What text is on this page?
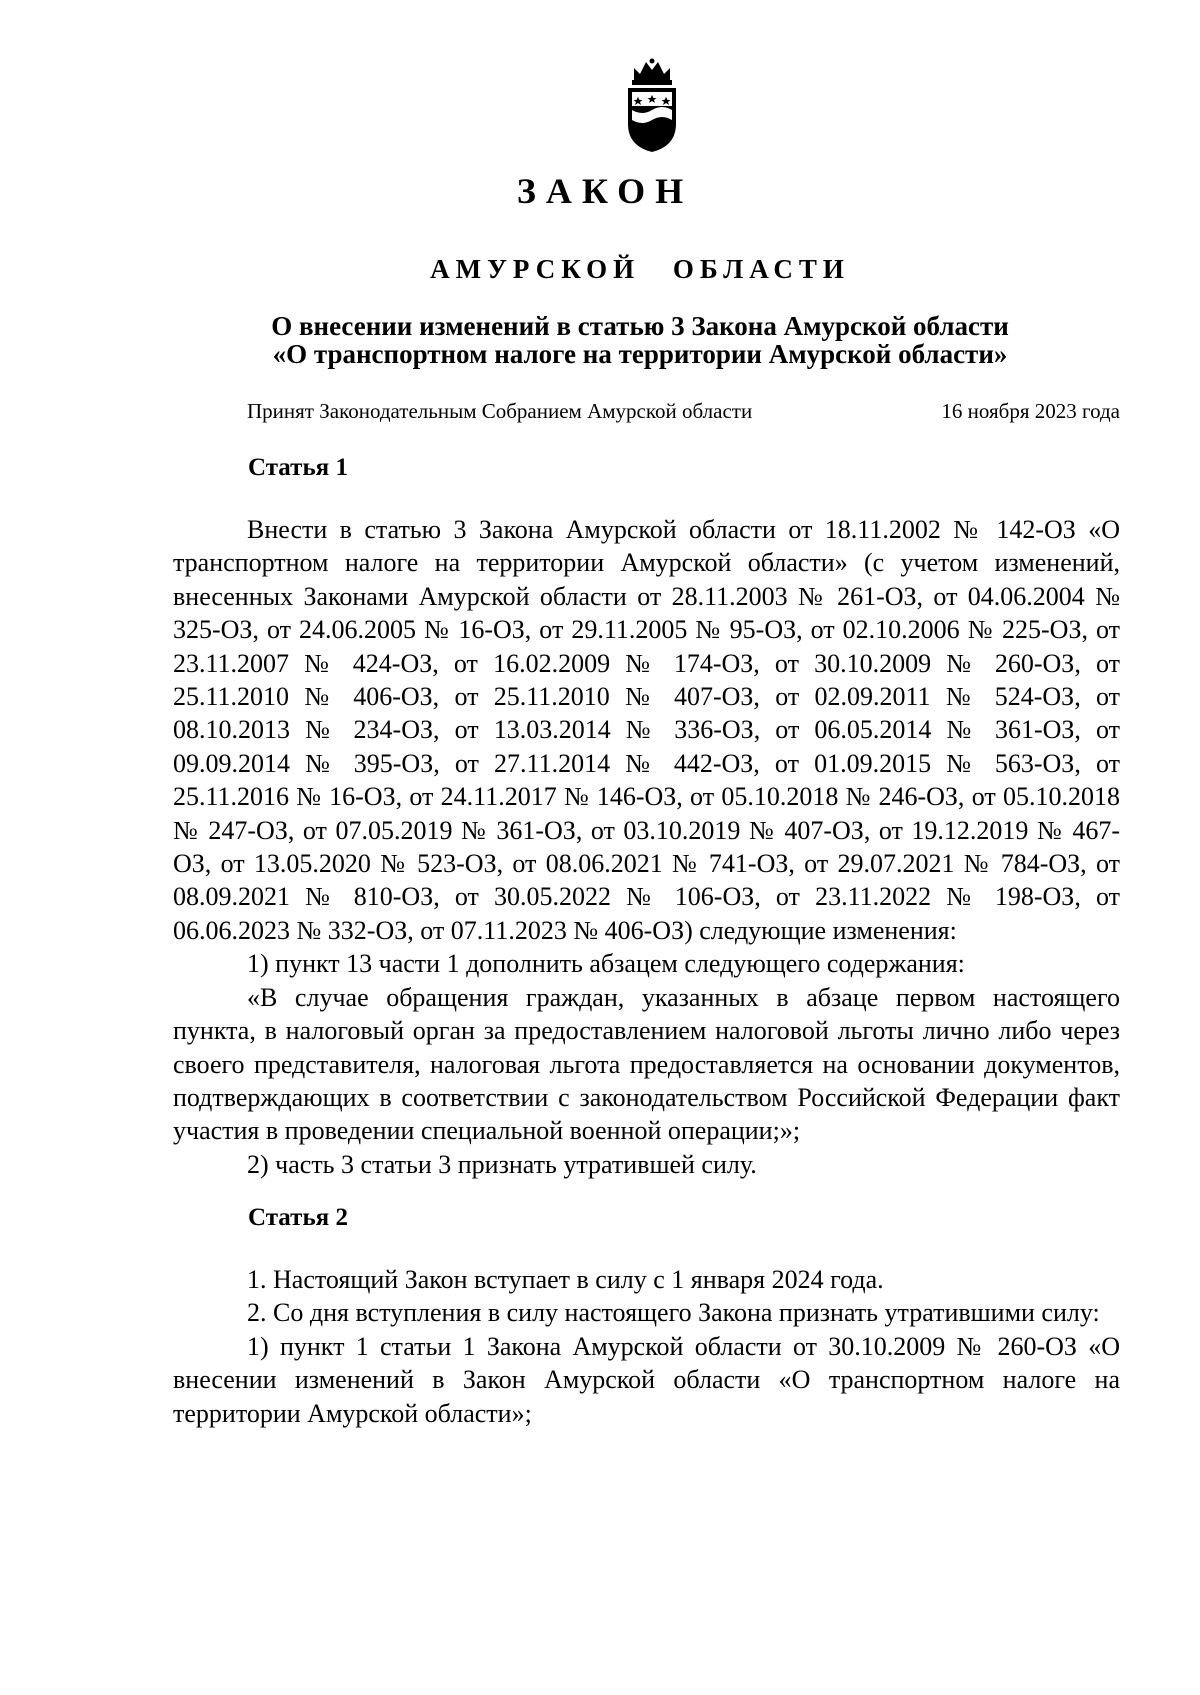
ЗАКОН
АМУРСКОЙ ОБЛАСТИ
О внесении изменений в статью 3 Закона Амурской области
«О транспортном налоге на территории Амурской области»
Принят Законодательным Собранием Амурской области	16 ноября 2023 года
Статья 1

Внести в статью 3 Закона Амурской области от 18.11.2002 № 142-ОЗ «О транспортном налоге на территории Амурской области» (с учетом изменений, внесенных Законами Амурской области от 28.11.2003 № 261-ОЗ, от 04.06.2004 № 325-ОЗ, от 24.06.2005 № 16-ОЗ, от 29.11.2005 № 95-ОЗ, от 02.10.2006 № 225-ОЗ, от 23.11.2007 № 424-ОЗ, от 16.02.2009 № 174-ОЗ, от 30.10.2009 № 260-ОЗ, от 25.11.2010 № 406-ОЗ, от 25.11.2010 № 407-ОЗ, от 02.09.2011 № 524-ОЗ, от 08.10.2013 № 234-ОЗ, от 13.03.2014 № 336-ОЗ, от 06.05.2014 № 361-ОЗ, от 09.09.2014 № 395-ОЗ, от 27.11.2014 № 442-ОЗ, от 01.09.2015 № 563-ОЗ, от 25.11.2016 № 16-ОЗ, от 24.11.2017 № 146-ОЗ, от 05.10.2018 № 246-ОЗ, от 05.10.2018 № 247-ОЗ, от 07.05.2019 № 361-ОЗ, от 03.10.2019 № 407-ОЗ, от 19.12.2019 № 467-ОЗ, от 13.05.2020 № 523-ОЗ, от 08.06.2021 № 741-ОЗ, от 29.07.2021 № 784-ОЗ, от 08.09.2021 № 810-ОЗ, от 30.05.2022 № 106-ОЗ, от 23.11.2022 № 198-ОЗ, от 06.06.2023 № 332-ОЗ, от 07.11.2023 № 406-ОЗ) следующие изменения:

1) пункт 13 части 1 дополнить абзацем следующего содержания:

«В случае обращения граждан, указанных в абзаце первом настоящего пункта, в налоговый орган за предоставлением налоговой льготы лично либо через своего представителя, налоговая льгота предоставляется на основании документов, подтверждающих в соответствии с законодательством Российской Федерации факт участия в проведении специальной военной операции;»;

2) часть 3 статьи 3 признать утратившей силу.

Статья 2

1. Настоящий Закон вступает в силу с 1 января 2024 года.

2. Со дня вступления в силу настоящего Закона признать утратившими силу:

1) пункт 1 статьи 1 Закона Амурской области от 30.10.2009 № 260-ОЗ «О внесении изменений в Закон Амурской области «О транспортном налоге на территории Амурской области»;
